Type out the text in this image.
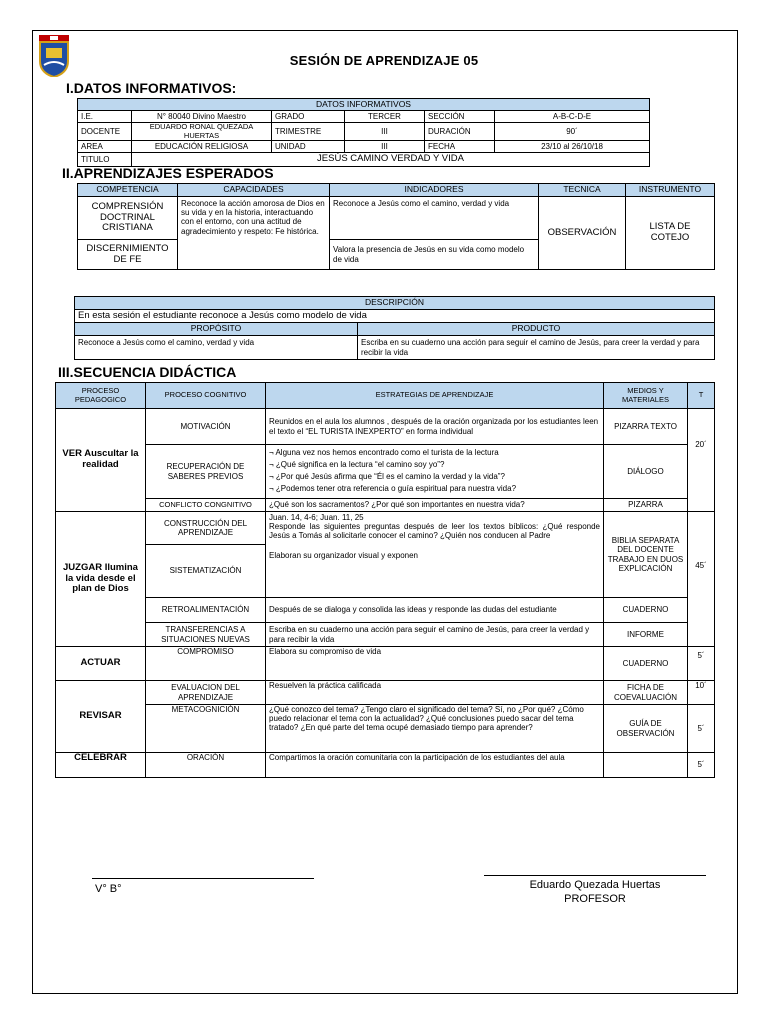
SESIÓN DE APRENDIZAJE 05
I.DATOS INFORMATIVOS:
DATOS INFORMATIVOS					
I.E.	N° 80040 Divino Maestro	GRADO	TERCER	SECCIÓN	A-B-C-D-E
DOCENTE	EDUARDO RONAL QUEZADA HUERTAS	TRIMESTRE	III	DURACIÓN	90´
AREA	EDUCACIÓN RELIGIOSA	UNIDAD	III	FECHA	23/10 al 26/10/18
TITULO	JESÚS CAMINO VERDAD Y VIDA				
II.APRENDIZAJES ESPERADOS
COMPETENCIA	CAPACIDADES	INDICADORES	TECNICA	INSTRUMENTO
COMPRENSIÓN DOCTRINAL CRISTIANA	Reconoce la acción amorosa de Dios en su vida y en la historia, interactuando con el entorno, con una actitud de agradecimiento y respeto: Fe histórica.	Reconoce a Jesús como el camino, verdad y vida	OBSERVACIÓN	LISTA DE COTEJO
DISCERNIMIENTO DE FE		Valora la presencia de Jesús en su vida como modelo de vida		
DESCRIPCIÓN	
En esta sesión el estudiante reconoce a Jesús como modelo de vida	
PROPÓSITO	PRODUCTO
Reconoce a Jesús como el camino, verdad y vida	Escriba en su cuaderno una acción para seguir el camino de Jesús, para creer la verdad y para recibir la vida
III.SECUENCIA DIDÁCTICA
PROCESO PEDAGOGICO	PROCESO COGNITIVO	ESTRATEGIAS DE APRENDIZAJE	MEDIOS Y MATERIALES	T
VER Auscultar la realidad	MOTIVACIÓN	Reunidos en el aula los alumnos , después de la oración organizada por los estudiantes leen el texto el “EL TURISTA INEXPERTO” en forma individual	PIZARRA TEXTO	20´
	RECUPERACIÓN DE SABERES PREVIOS	¬ Alguna vez nos hemos encontrado como el turista de la lectura
¬ ¿Qué significa en la lectura “el camino soy yo”?
¬ ¿Por qué Jesús afirma que “Él es el camino la verdad y la vida”?
¬ ¿Podemos tener otra referencia o guía espiritual para nuestra vida?	DIÁLOGO	
	CONFLICTO CONGNITIVO	¿Qué son los sacramentos? ¿Por qué son importantes en nuestra vida?	PIZARRA	
JUZGAR Ilumina la vida desde el plan de Dios	CONSTRUCCIÓN DEL APRENDIZAJE	Juan. 14, 4-6; Juan. 11, 25
Responde las siguientes preguntas después de leer los textos bíblicos: ¿Qué responde Jesús a Tomás al solicitarle conocer el camino? ¿Quién nos conducen al Padre
Elaboran su organizador visual y exponen	BIBLIA SEPARATA DEL DOCENTE TRABAJO EN DUOS EXPLICACIÓN	45´
	SISTEMATIZACIÓN			
	RETROALIMENTACIÓN	Después de se dialoga y consolida las ideas y responde las dudas del estudiante	CUADERNO	
	TRANSFERENCIAS A SITUACIONES NUEVAS	Escriba en su cuaderno una acción para seguir el camino de Jesús, para creer la verdad y para recibir la vida	INFORME	
ACTUAR	COMPROMISO	Elabora su compromiso de vida	CUADERNO	5´
REVISAR	EVALUACION DEL APRENDIZAJE	Resuelven la práctica calificada	FICHA DE COEVALUACIÓN	10´
	METACOGNICIÓN	¿Qué conozco del tema? ¿Tengo claro el significado del tema? Sí, no ¿Por qué? ¿Cómo puedo relacionar el tema con la actualidad? ¿Qué conclusiones puedo sacar del tema tratado? ¿En qué parte del tema ocupé demasiado tiempo para aprender?	GUÍA DE OBSERVACIÓN	5´
CELEBRAR	ORACIÓN	Compartimos la oración comunitaria con la participación de los estudiantes del aula		5´
V° B°	Eduardo Quezada Huertas
PROFESOR
